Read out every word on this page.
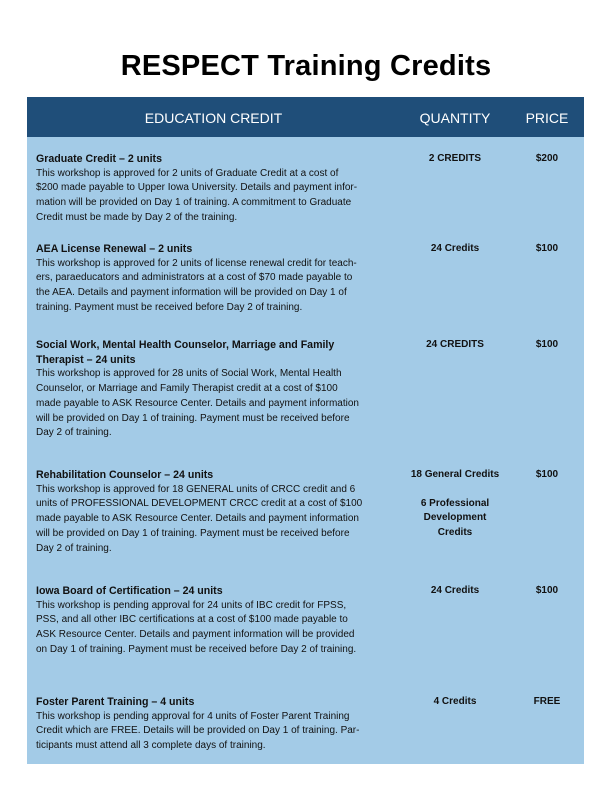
RESPECT Training Credits
EDUCATION CREDIT	QUANTITY	PRICE
Graduate Credit – 2 units
This workshop is approved for 2 units of Graduate Credit at a cost of
$200 made payable to Upper Iowa University. Details and payment infor-
mation will be provided on Day 1 of training. A commitment to Graduate
Credit must be made by Day 2 of the training.
2 CREDITS	$200
AEA License Renewal – 2 units
This workshop is approved for 2 units of license renewal credit for teach-
ers, paraeducators and administrators at a cost of $70 made payable to
the AEA. Details and payment information will be provided on Day 1 of
training. Payment must be received before Day 2 of training.
24 Credits	$100
Social Work, Mental Health Counselor, Marriage and Family
Therapist – 24 units
This workshop is approved for 28 units of Social Work, Mental Health
Counselor, or Marriage and Family Therapist credit at a cost of $100
made payable to ASK Resource Center. Details and payment information
will be provided on Day 1 of training. Payment must be received before
Day 2 of training.
24 CREDITS	$100
Rehabilitation Counselor – 24 units
This workshop is approved for 18 GENERAL units of CRCC credit and 6
units of PROFESSIONAL DEVELOPMENT CRCC credit at a cost of $100
made payable to ASK Resource Center. Details and payment information
will be provided on Day 1 of training. Payment must be received before
Day 2 of training.
18 General Credits
6 Professional
Development
Credits
$100
Iowa Board of Certification – 24 units
This workshop is pending approval for 24 units of IBC credit for FPSS,
PSS, and all other IBC certifications at a cost of $100 made payable to
ASK Resource Center. Details and payment information will be provided
on Day 1 of training. Payment must be received before Day 2 of training.
24 Credits	$100
Foster Parent Training – 4 units
This workshop is pending approval for 4 units of Foster Parent Training
Credit which are FREE. Details will be provided on Day 1 of training. Par-
ticipants must attend all 3 complete days of training.
4 Credits	FREE
